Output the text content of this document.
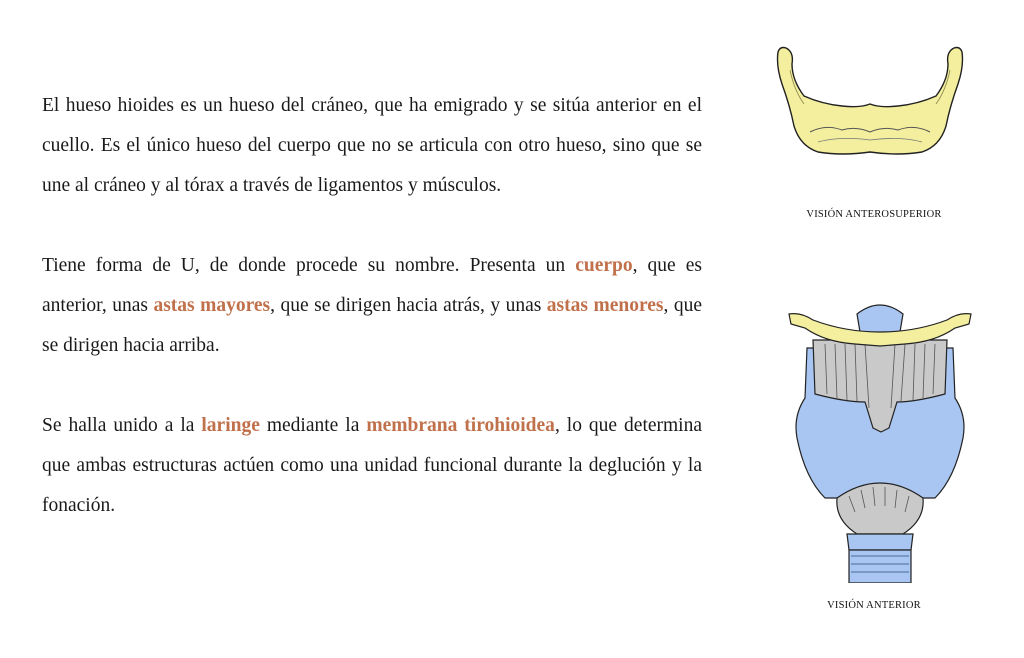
El hueso hioides es un hueso del cráneo, que ha emigrado y se sitúa anterior en el cuello. Es el único hueso del cuerpo que no se articula con otro hueso, sino que se une al cráneo y al tórax a través de ligamentos y músculos.

Tiene forma de U, de donde procede su nombre. Presenta un cuerpo, que es anterior, unas astas mayores, que se dirigen hacia atrás, y unas astas menores, que se dirigen hacia arriba.

Se halla unido a la laringe mediante la membrana tirohioidea, lo que determina que ambas estructuras actúen como una unidad funcional durante la deglución y la fonación.

VISIÓN ANTEROSUPERIOR
VISIÓN ANTERIOR
